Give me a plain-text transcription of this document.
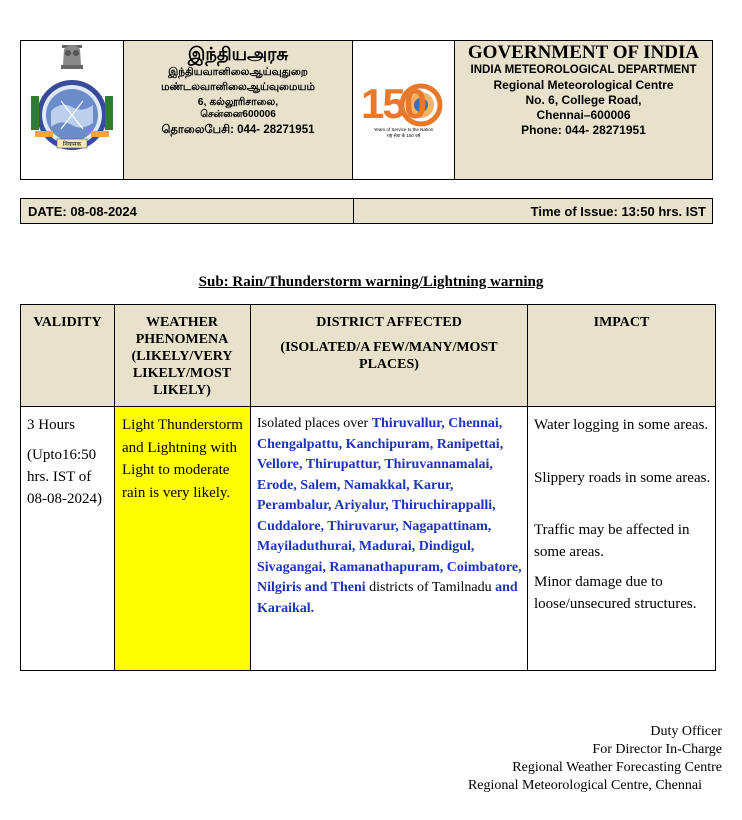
नियामक
இந்தியஅரசு
இந்தியவானிலைஆய்வுதுறை
மண்டலவானிலைஆய்வுமையம்
6, கல்லூரிசாலை,
சென்னை600006
தொலைபேசி: 044- 28271951
150
Years of Service to the Nation
राष्ट्र सेवा के 150 वर्ष
GOVERNMENT OF INDIA
INDIA METEOROLOGICAL DEPARTMENT
Regional Meteorological Centre
No. 6, College Road,
Chennai–600006
Phone: 044- 28271951
DATE: 08-08-2024	Time of Issue: 13:50 hrs. IST
Sub: Rain/Thunderstorm warning/Lightning warning
VALIDITY	WEATHER PHENOMENA (LIKELY/VERY LIKELY/MOST LIKELY)
DISTRICT AFFECTED
(ISOLATED/A FEW/MANY/MOST PLACES)
IMPACT
3 Hours
(Upto16:50 hrs. IST of 08-08-2024)
Light Thunderstorm and Lightning with Light to moderate rain is very likely.
Isolated places over Thiruvallur, Chennai, Chengalpattu, Kanchipuram, Ranipettai, Vellore, Thirupattur, Thiruvannamalai, Erode, Salem, Namakkal, Karur, Perambalur, Ariyalur, Thiruchirappalli, Cuddalore, Thiruvarur, Nagapattinam, Mayiladuthurai, Madurai, Dindigul, Sivagangai, Ramanathapuram, Coimbatore, Nilgiris and Theni districts of Tamilnadu and Karaikal.
Water logging in some areas.
Slippery roads in some areas.
Traffic may be affected in some areas.
Minor damage due to loose/unsecured structures.
Duty Officer
For Director In-Charge
Regional Weather Forecasting Centre
Regional Meteorological Centre, Chennai
